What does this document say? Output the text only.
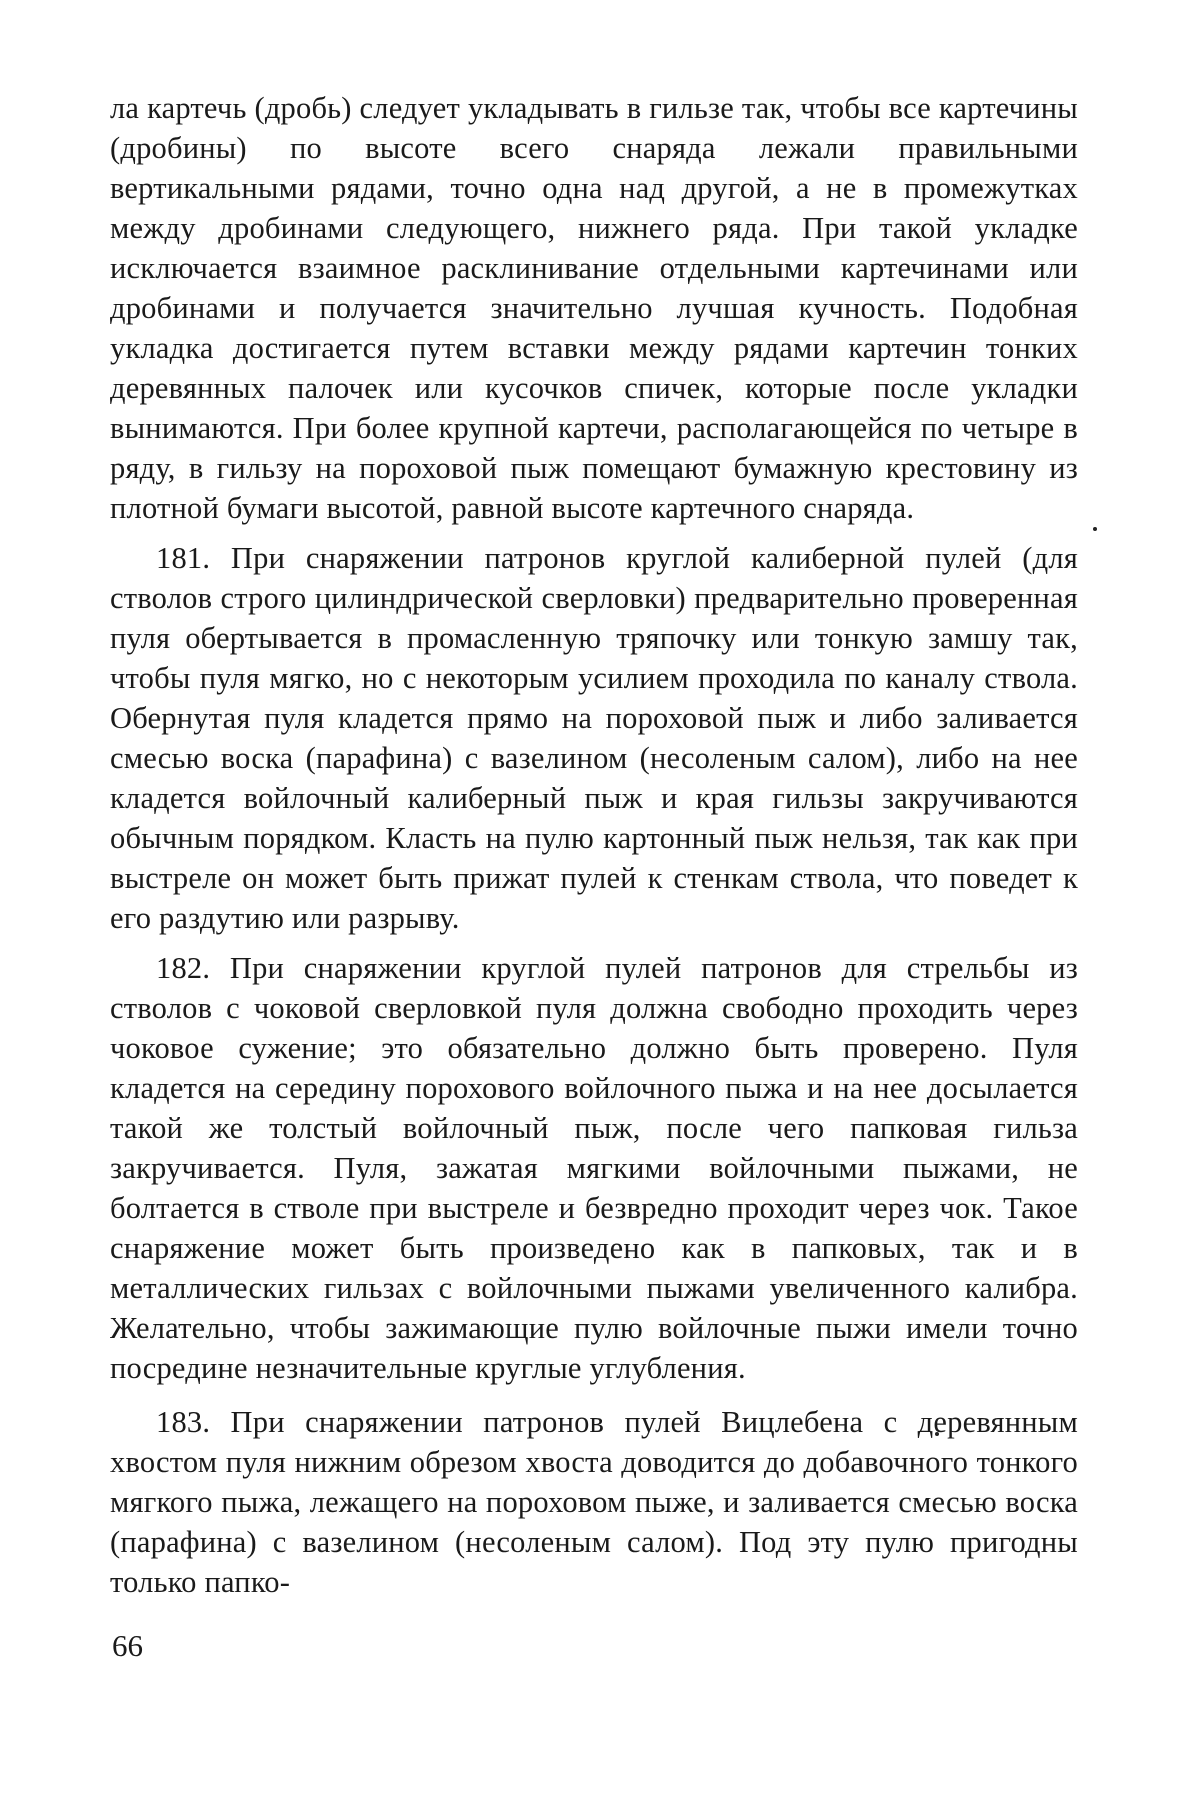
ла картечь (дробь) следует укладывать в гильзе так, чтобы все картечины (дробины) по высоте всего снаряда лежали правильными вертикальными рядами, точно одна над другой, а не в промежутках между дробинами следующего, нижнего ряда. При такой укладке исключается взаимное расклинивание отдельными картечинами или дробинами и получается значительно лучшая кучность. Подобная укладка достигается путем вставки между рядами картечин тонких деревянных палочек или кусочков спичек, которые после укладки вынимаются. При более крупной картечи, располагающейся по четыре в ряду, в гильзу на пороховой пыж помещают бумажную крестовину из плотной бумаги высотой, равной высоте картечного снаряда.

181. При снаряжении патронов круглой калиберной пулей (для стволов строго цилиндрической сверловки) предварительно проверенная пуля обертывается в промасленную тряпочку или тонкую замшу так, чтобы пуля мягко, но с некоторым усилием проходила по каналу ствола. Обернутая пуля кладется прямо на пороховой пыж и либо заливается смесью воска (парафина) с вазелином (несоленым салом), либо на нее кладется войлочный калиберный пыж и края гильзы закручиваются обычным порядком. Класть на пулю картонный пыж нельзя, так как при выстреле он может быть прижат пулей к стенкам ствола, что поведет к его раздутию или разрыву.

182. При снаряжении круглой пулей патронов для стрельбы из стволов с чоковой сверловкой пуля должна свободно проходить через чоковое сужение; это обязательно должно быть проверено. Пуля кладется на середину порохового войлочного пыжа и на нее досылается такой же толстый войлочный пыж, после чего папковая гильза закручивается. Пуля, зажатая мягкими войлочными пыжами, не болтается в стволе при выстреле и безвредно проходит через чок. Такое снаряжение может быть произведено как в папковых, так и в металлических гильзах с войлочными пыжами увеличенного калибра. Желательно, чтобы зажимающие пулю войлочные пыжи имели точно посредине незначительные круглые углубления.

183. При снаряжении патронов пулей Вицлебена с деревянным хвостом пуля нижним обрезом хвоста доводится до добавочного тонкого мягкого пыжа, лежащего на пороховом пыже, и заливается смесью воска (парафина) с вазелином (несоленым салом). Под эту пулю пригодны только папко-

66
